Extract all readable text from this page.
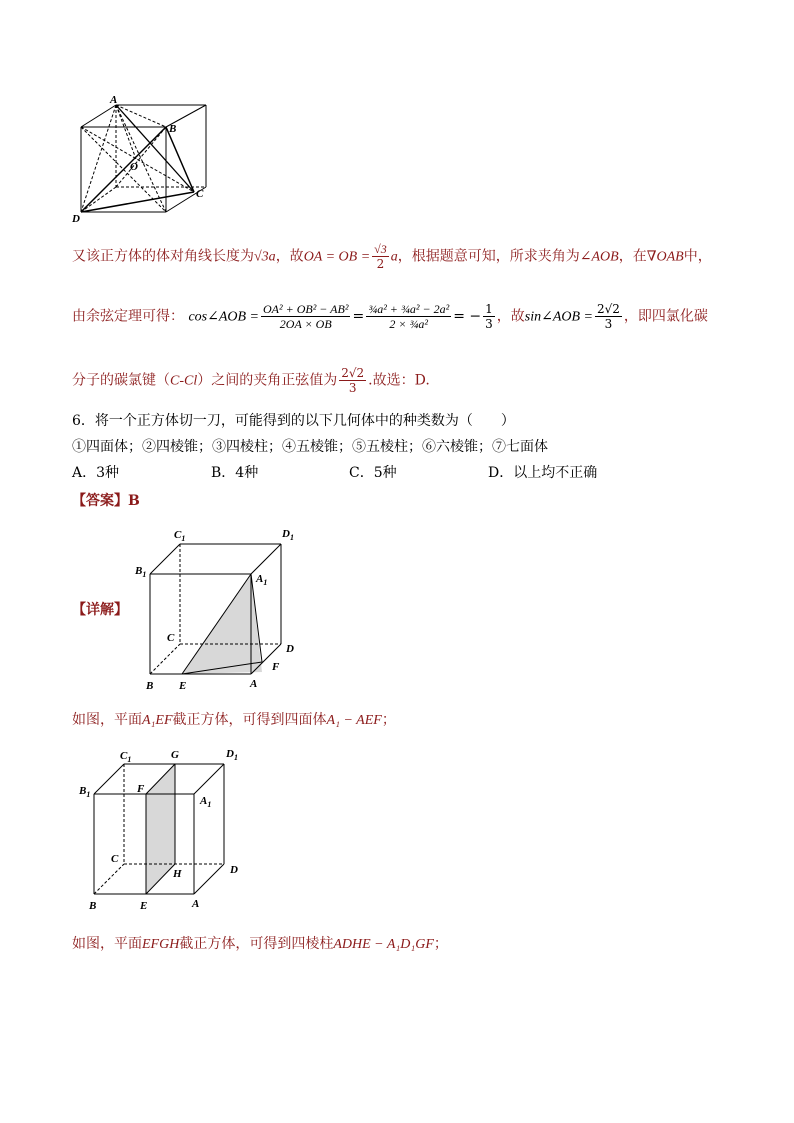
A
B
C
D
O
又该正方体的体对角线长度为√3a，故OA = OB = $\frac{√3}{2}$ a，根据题意可知，所求夹角为∠AOB，在∇OAB中，
由余弦定理可得： cos∠AOB = $\frac{\text{OA² + OB² − AB²}}{2OA \times OB} = \frac{\text{¾a² + ¾a² − 2a²}}{\text{2 × ¾a²}}$ = − $\frac{1}{3}$ ，故sin∠AOB = $\frac{2√2}{3}$ ，即四氯化碳
分子的碳氯键（C-Cl）之间的夹角正弦值为 $\frac{2√2}{3}$ .故选：D.
6．将一个正方体切一刀，可能得到的以下几何体中的种类数为（　　）
①四面体；②四棱锥；③四棱柱；④五棱锥；⑤五棱柱；⑥六棱锥；⑦七面体
A．3种	B．4种	C．5种	D．以上均不正确
【答案】B
【详解】
$C_1$	$D_1$
$B_1$	$A_1$
C
D
F
B E	A
如图，平面A₁EF截正方体，可得到四面体A₁ − AEF；
$C_1$	G	$D_1$
$B_1$	F
$A_1$
C
H	D
B	E	A
如图，平面EFGH截正方体，可得到四棱柱ADHE − A₁D₁GF；
